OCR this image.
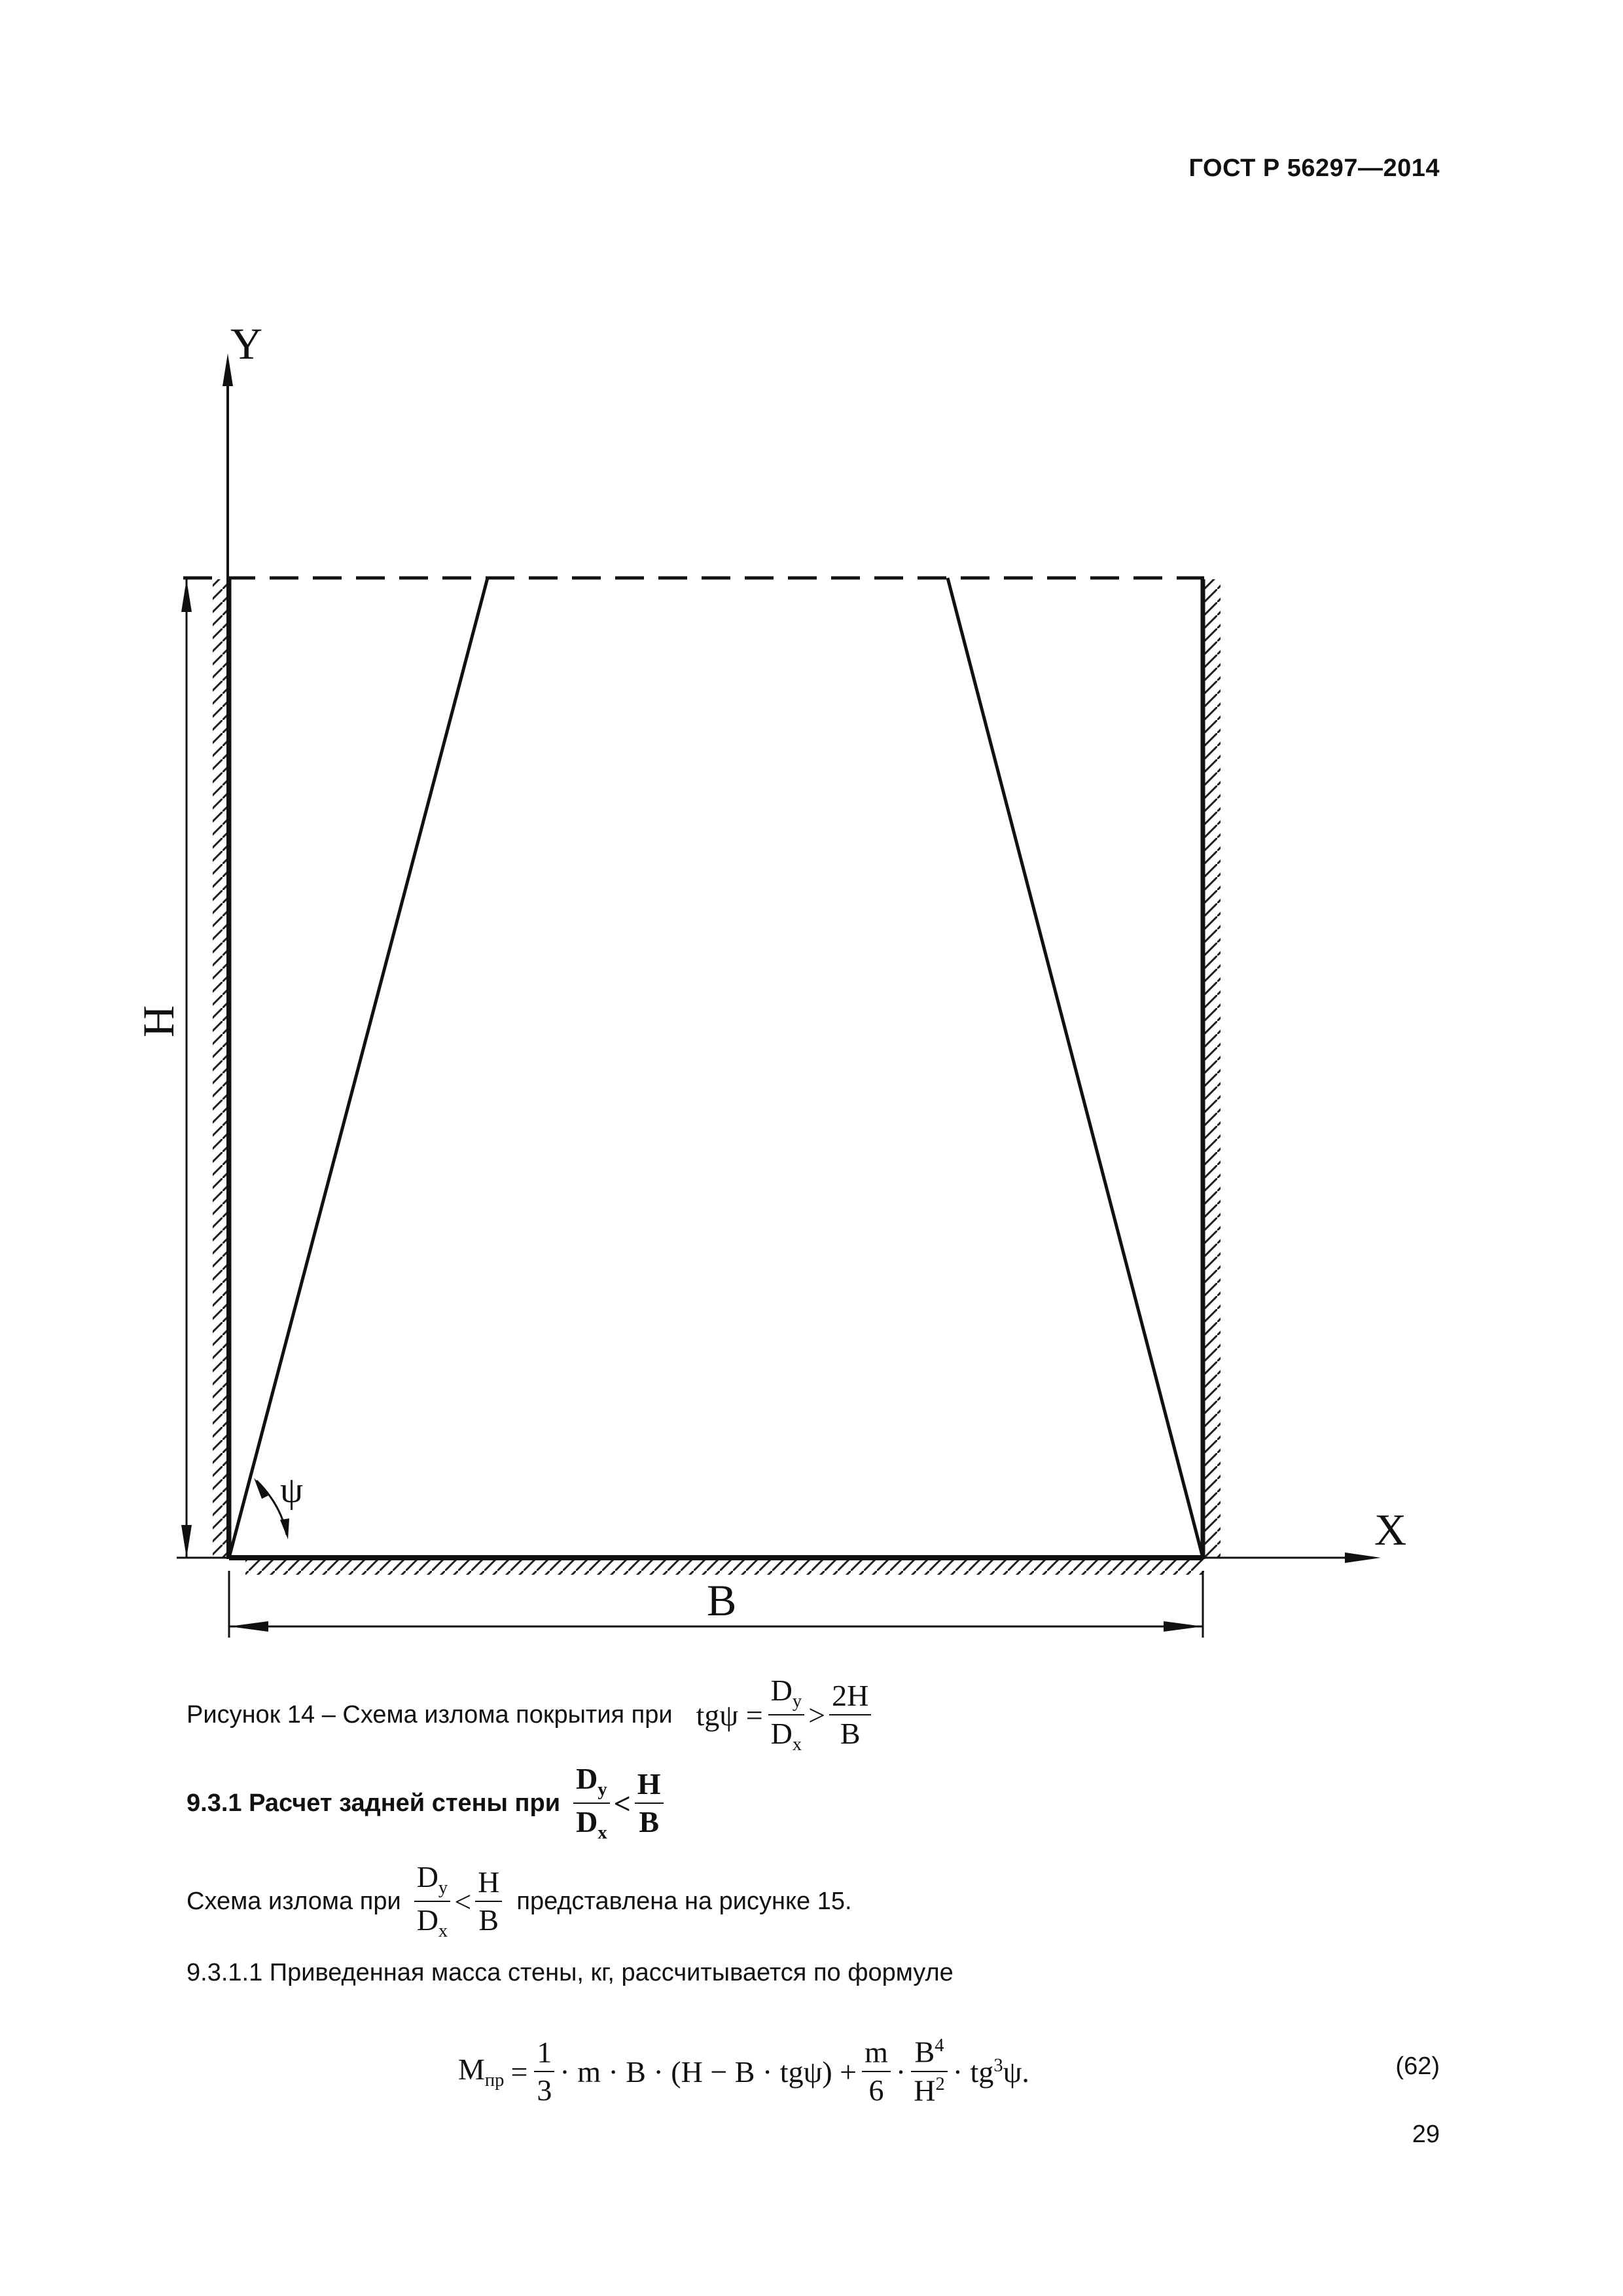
ГОСТ Р 56297—2014
Y
X
H
B
ψ
Рисунок 14 – Схема излома покрытия при $tg\psi = \frac{D_y}{D_x} > \frac{2H}{B}$
9.3.1 Расчет задней стены при $\frac{D_y}{D_x} < \frac{H}{B}$
Схема излома при $\frac{D_y}{D_x} < \frac{H}{B}$ представлена на рисунке 15.
9.3.1.1 Приведенная масса стены, кг, рассчитывается по формуле
$M_{пр} = \frac{1}{3} \cdot m \cdot B \cdot (H - B \cdot tg\psi) + \frac{m}{6} \cdot \frac{B^4}{H^2} \cdot tg^3\psi$.	(62)
29
